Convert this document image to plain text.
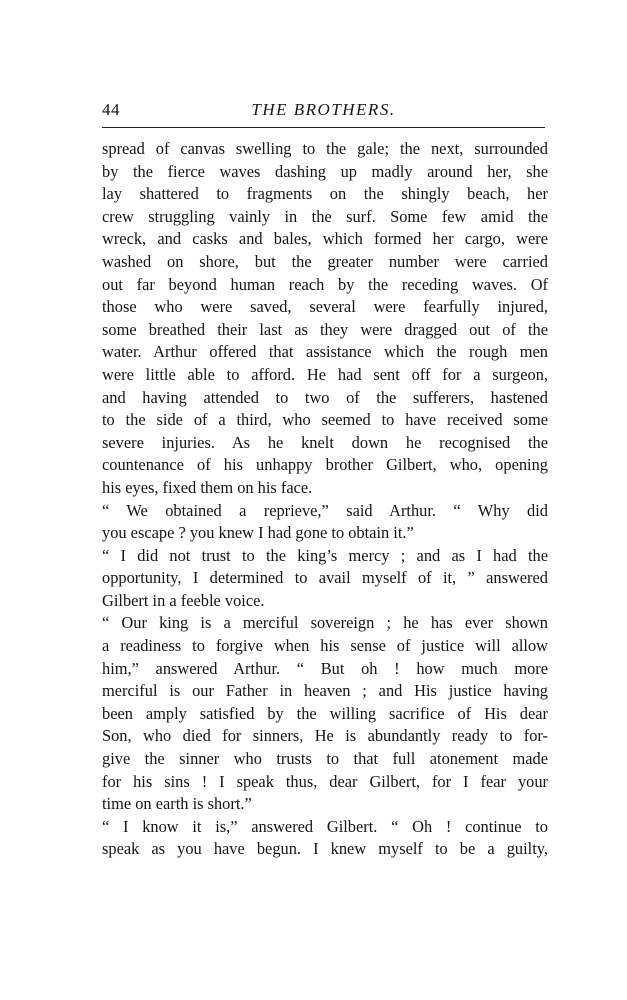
44	THE BROTHERS.
spread of canvas swelling to the gale; the next, surrounded
by the fierce waves dashing up madly around her, she
lay shattered to fragments on the shingly beach, her
crew struggling vainly in the surf. Some few amid the
wreck, and casks and bales, which formed her cargo, were
washed on shore, but the greater number were carried
out far beyond human reach by the receding waves. Of
those who were saved, several were fearfully injured,
some breathed their last as they were dragged out of the
water. Arthur offered that assistance which the rough men
were little able to afford. He had sent off for a surgeon,
and having attended to two of the sufferers, hastened
to the side of a third, who seemed to have received some
severe injuries. As he knelt down he recognised the
countenance of his unhappy brother Gilbert, who, opening
his eyes, fixed them on his face.
“ We obtained a reprieve,” said Arthur. “ Why did
you escape ? you knew I had gone to obtain it.”
“ I did not trust to the king’s mercy ; and as I had the
opportunity, I determined to avail myself of it, ” answered
Gilbert in a feeble voice.
“ Our king is a merciful sovereign ; he has ever shown
a readiness to forgive when his sense of justice will allow
him,” answered Arthur. “ But oh ! how much more
merciful is our Father in heaven ; and His justice having
been amply satisfied by the willing sacrifice of His dear
Son, who died for sinners, He is abundantly ready to for-
give the sinner who trusts to that full atonement made
for his sins ! I speak thus, dear Gilbert, for I fear your
time on earth is short.”
“ I know it is,” answered Gilbert. “ Oh ! continue to
speak as you have begun. I knew myself to be a guilty,
